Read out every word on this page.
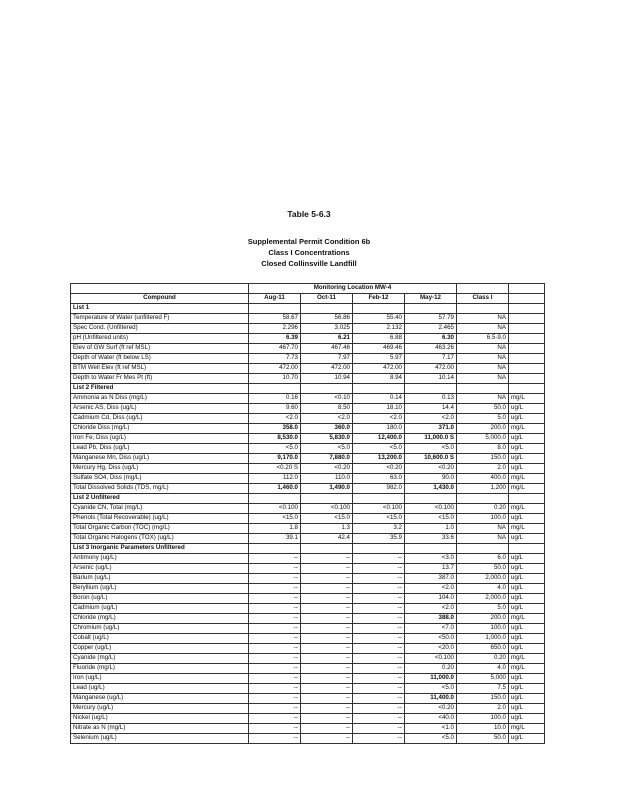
Table 5-6.3
Supplemental Permit Condition 6b
Class I Concentrations
Closed Collinsville Landfill
	Monitoring Location MW-4					
Compound	Aug-11	Oct-11	Feb-12	May-12	Class I	
List 1						
Temperature of Water (unfiltered F)	58.67	56.86	55.40	57.79	NA	
Spec Cond. (Unfiltered)	2.296	3.025	2.132	2.465	NA	
pH (Unfiltered units)	6.39	6.21	6.88	6.30	6.5-9.0	
Elev of GW Surf (ft ref MSL)	467.70	467.46	469.46	463.26	NA	
Depth of Water (ft below LS)	7.73	7.97	5.97	7.17	NA	
BTM Well Elev (ft ref MSL)	472.00	472.00	472.00	472.00	NA	
Depth to Water Fr Mes Pt (ft)	10.70	10.94	8.94	10.14	NA	
List 2 Filtered						
Ammonia as N Diss (mg/L)	0.16	<0.10	0.14	0.13	NA	mg/L
Arsenic AS, Diss (ug/L)	9.60	8.50	18.10	14.4	50.0	ug/L
Cadmium Cd, Diss (ug/L)	<2.0	<2.0	<2.0	<2.0	5.0	ug/L
Chloride Diss (mg/L)	358.0	360.0	180.0	371.0	200.0	mg/L
Iron Fe, Diss (ug/L)	8,530.0	5,830.0	12,400.0	11,000.0 S	5,000.0	ug/L
Lead Pb, Diss (ug/L)	<5.0	<5.0	<5.0	<5.0	8.0	ug/L
Manganese Mn, Diss (ug/L)	9,170.0	7,880.0	13,200.0	10,600.0 S	150.0	ug/L
Mercury Hg, Diss (ug/L)	<0.20 S	<0.20	<0.20	<0.20	2.0	ug/L
Sulfate SO4, Diss (mg/L)	112.0	110.0	63.0	90.0	400.0	mg/L
Total Dissolved Solids (TDS, mg/L)	1,460.0	1,490.0	982.0	1,430.0	1,200	mg/L
List 2 Unfiltered						
Cyanide CN, Total (mg/L)	<0.100	<0.100	<0.100	<0.100	0.20	mg/L
Phenols (Total Recoverable) (ug/L)	<15.0	<15.0	<15.0	<15.0	100.0	ug/L
Total Organic Carbon (TOC) (mg/L)	1.8	1.3	3.2	1.0	NA	mg/L
Total Organic Halogens (TOX) (ug/L)	39.1	42.4	35.9	33.6	NA	ug/L
List 3 Inorganic Parameters Unfiltered						
Antimony (ug/L)	--	--	--	<3.0	6.0	ug/L
Arsenic (ug/L)	--	--	--	13.7	50.0	ug/L
Barium (ug/L)	--	--	--	387.0	2,000.0	ug/L
Beryllium (ug/L)	--	--	--	<2.0	4.0	ug/L
Boron (ug/L)	--	--	--	104.0	2,000.0	ug/L
Cadmium (ug/L)	--	--	--	<2.0	5.0	ug/L
Chloride (mg/L)	--	--	--	388.0	200.0	mg/L
Chromium (ug/L)	--	--	--	<7.0	100.0	ug/L
Cobalt (ug/L)	--	--	--	<50.0	1,000.0	ug/L
Copper (ug/L)	--	--	--	<20.0	650.0	ug/L
Cyanide (mg/L)	--	--	--	<0.100	0.20	mg/L
Fluoride (mg/L)	--	--	--	0.20	4.0	mg/L
Iron (ug/L)	--	--	--	11,000.0	5,000	ug/L
Lead (ug/L)	--	--	--	<5.0	7.5	ug/L
Manganese (ug/L)	--	--	--	11,400.0	150.0	ug/L
Mercury (ug/L)	--	--	--	<0.20	2.0	ug/L
Nickel (ug/L)	--	--	--	<40.0	100.0	ug/L
Nitrate as N (mg/L)	--	--	--	<1.0	10.0	mg/L
Selenium (ug/L)	--	--	--	<5.0	50.0	ug/L
